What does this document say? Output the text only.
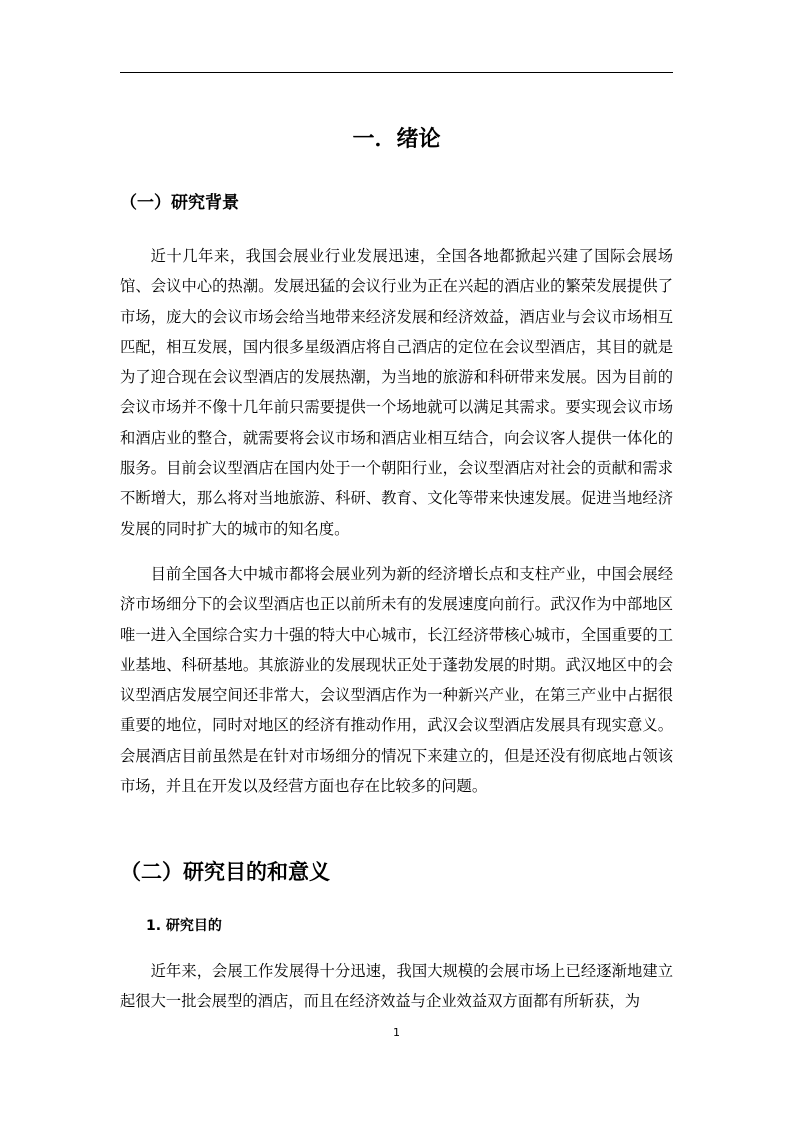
一．绪论
（一）研究背景

近十几年来，我国会展业行业发展迅速，全国各地都掀起兴建了国际会展场馆、会议中心的热潮。发展迅猛的会议行业为正在兴起的酒店业的繁荣发展提供了市场，庞大的会议市场会给当地带来经济发展和经济效益，酒店业与会议市场相互匹配，相互发展，国内很多星级酒店将自己酒店的定位在会议型酒店，其目的就是为了迎合现在会议型酒店的发展热潮，为当地的旅游和科研带来发展。因为目前的会议市场并不像十几年前只需要提供一个场地就可以满足其需求。要实现会议市场和酒店业的整合，就需要将会议市场和酒店业相互结合，向会议客人提供一体化的服务。目前会议型酒店在国内处于一个朝阳行业，会议型酒店对社会的贡献和需求不断增大，那么将对当地旅游、科研、教育、文化等带来快速发展。促进当地经济发展的同时扩大的城市的知名度。

目前全国各大中城市都将会展业列为新的经济增长点和支柱产业，中国会展经济市场细分下的会议型酒店也正以前所未有的发展速度向前行。武汉作为中部地区唯一进入全国综合实力十强的特大中心城市，长江经济带核心城市，全国重要的工业基地、科研基地。其旅游业的发展现状正处于蓬勃发展的时期。武汉地区中的会议型酒店发展空间还非常大，会议型酒店作为一种新兴产业，在第三产业中占据很重要的地位，同时对地区的经济有推动作用，武汉会议型酒店发展具有现实意义。会展酒店目前虽然是在针对市场细分的情况下来建立的，但是还没有彻底地占领该市场，并且在开发以及经营方面也存在比较多的问题。

（二）研究目的和意义
1. 研究目的

近年来，会展工作发展得十分迅速，我国大规模的会展市场上已经逐渐地建立起很大一批会展型的酒店，而且在经济效益与企业效益双方面都有所斩获，为

1
